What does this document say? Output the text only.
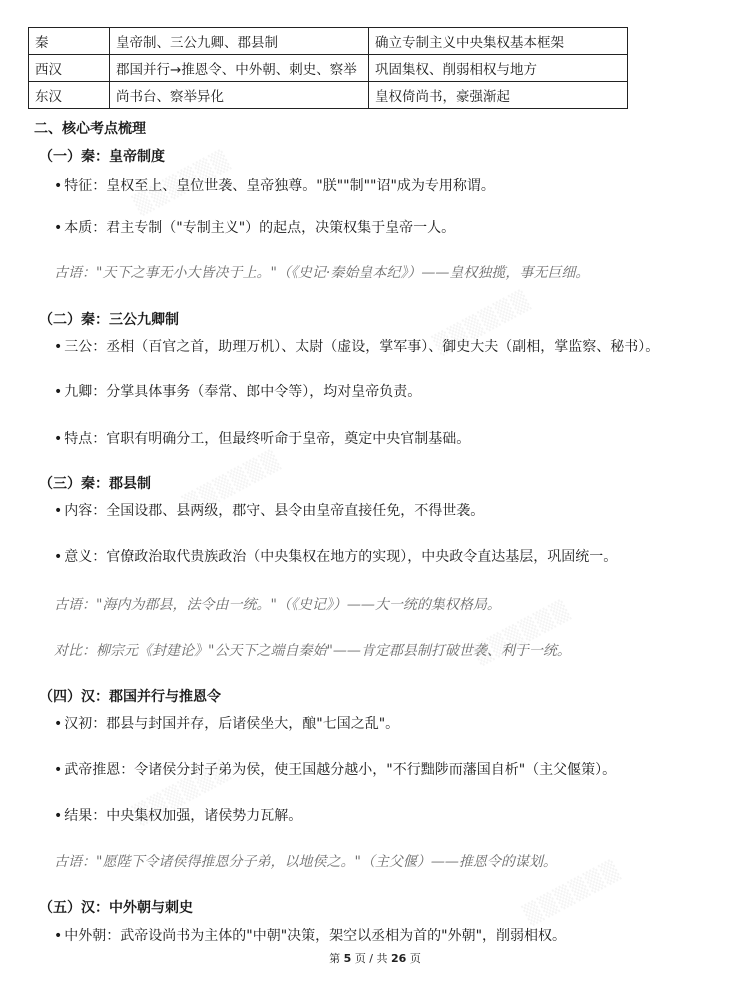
秦	皇帝制、三公九卿、郡县制	确立专制主义中央集权基本框架
西汉	郡国并行→推恩令、中外朝、刺史、察举	巩固集权、削弱相权与地方
东汉	尚书台、察举异化	皇权倚尚书，豪强渐起
二、核心考点梳理
（一）秦：皇帝制度
• 特征：皇权至上、皇位世袭、皇帝独尊。"朕""制""诏"成为专用称谓。
• 本质：君主专制（"专制主义"）的起点，决策权集于皇帝一人。
古语："天下之事无小大皆决于上。"（《史记·秦始皇本纪》）——皇权独揽，事无巨细。
（二）秦：三公九卿制
• 三公：丞相（百官之首，助理万机）、太尉（虚设，掌军事）、御史大夫（副相，掌监察、秘书）。
• 九卿：分掌具体事务（奉常、郎中令等），均对皇帝负责。
• 特点：官职有明确分工，但最终听命于皇帝，奠定中央官制基础。
（三）秦：郡县制
• 内容：全国设郡、县两级，郡守、县令由皇帝直接任免，不得世袭。
• 意义：官僚政治取代贵族政治（中央集权在地方的实现），中央政令直达基层，巩固统一。
古语："海内为郡县，法令由一统。"（《史记》）——大一统的集权格局。
对比：柳宗元《封建论》"公天下之端自秦始"——肯定郡县制打破世袭、利于一统。
（四）汉：郡国并行与推恩令
• 汉初：郡县与封国并存，后诸侯坐大，酿"七国之乱"。
• 武帝推恩：令诸侯分封子弟为侯，使王国越分越小，"不行黜陟而藩国自析"（主父偃策）。
• 结果：中央集权加强，诸侯势力瓦解。
古语："愿陛下令诸侯得推恩分子弟，以地侯之。"（主父偃）——推恩令的谋划。
（五）汉：中外朝与刺史
• 中外朝：武帝设尚书为主体的"中朝"决策，架空以丞相为首的"外朝"，削弱相权。
第 5 页 / 共 26 页
